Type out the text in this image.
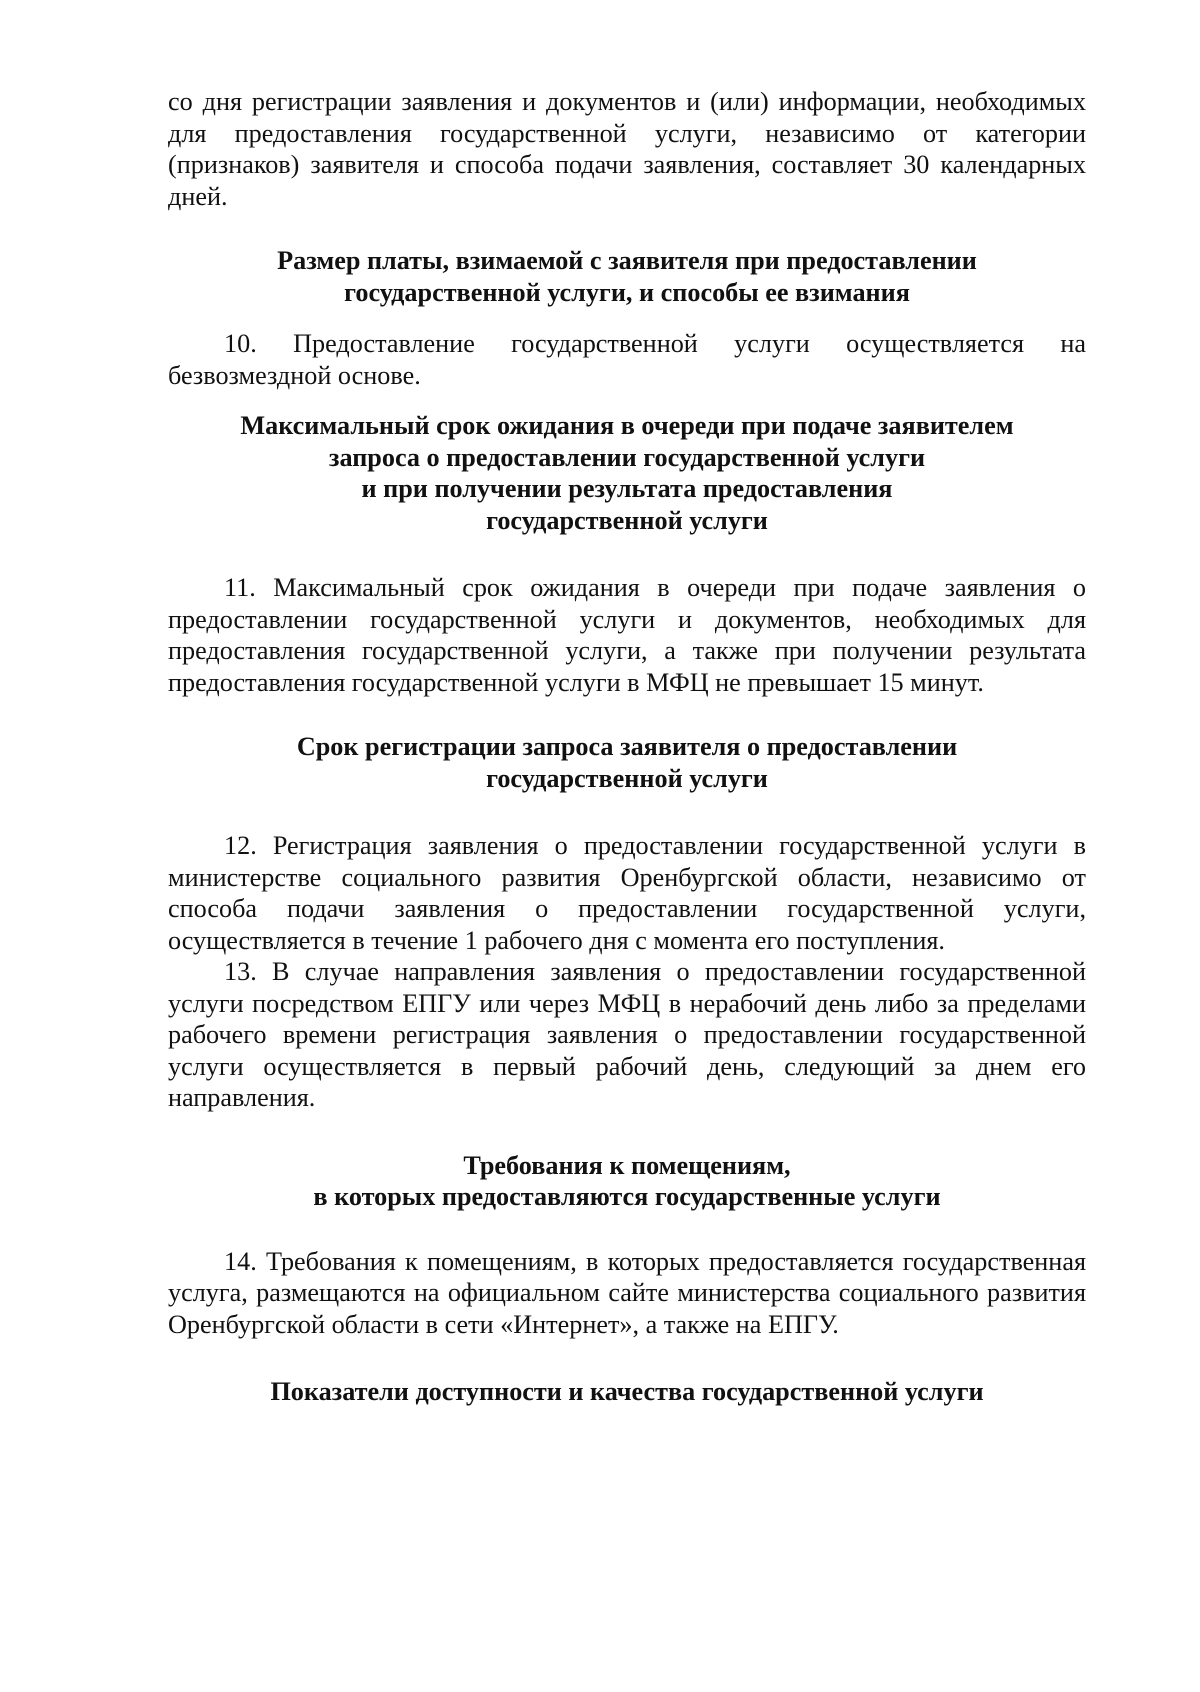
со дня регистрации заявления и документов и (или) информации, необходимых для предоставления государственной услуги, независимо от категории (признаков) заявителя и способа подачи заявления, составляет 30 календарных дней.

Размер платы, взимаемой с заявителя при предоставлении
государственной услуги, и способы ее взимания

10. Предоставление государственной услуги осуществляется на безвозмездной основе.

Максимальный срок ожидания в очереди при подаче заявителем
запроса о предоставлении государственной услуги
и при получении результата предоставления
государственной услуги

11. Максимальный срок ожидания в очереди при подаче заявления о предоставлении государственной услуги и документов, необходимых для предоставления государственной услуги, а также при получении результата предоставления государственной услуги в МФЦ не превышает 15 минут.

Срок регистрации запроса заявителя о предоставлении
государственной услуги

12. Регистрация заявления о предоставлении государственной услуги в министерстве социального развития Оренбургской области, независимо от способа подачи заявления о предоставлении государственной услуги, осуществляется в течение 1 рабочего дня с момента его поступления.

13. В случае направления заявления о предоставлении государственной услуги посредством ЕПГУ или через МФЦ в нерабочий день либо за пределами рабочего времени регистрация заявления о предоставлении государственной услуги осуществляется в первый рабочий день, следующий за днем его направления.

Требования к помещениям,
в которых предоставляются государственные услуги

14. Требования к помещениям, в которых предоставляется государственная услуга, размещаются на официальном сайте министерства социального развития Оренбургской области в сети «Интернет», а также на ЕПГУ.

Показатели доступности и качества государственной услуги
